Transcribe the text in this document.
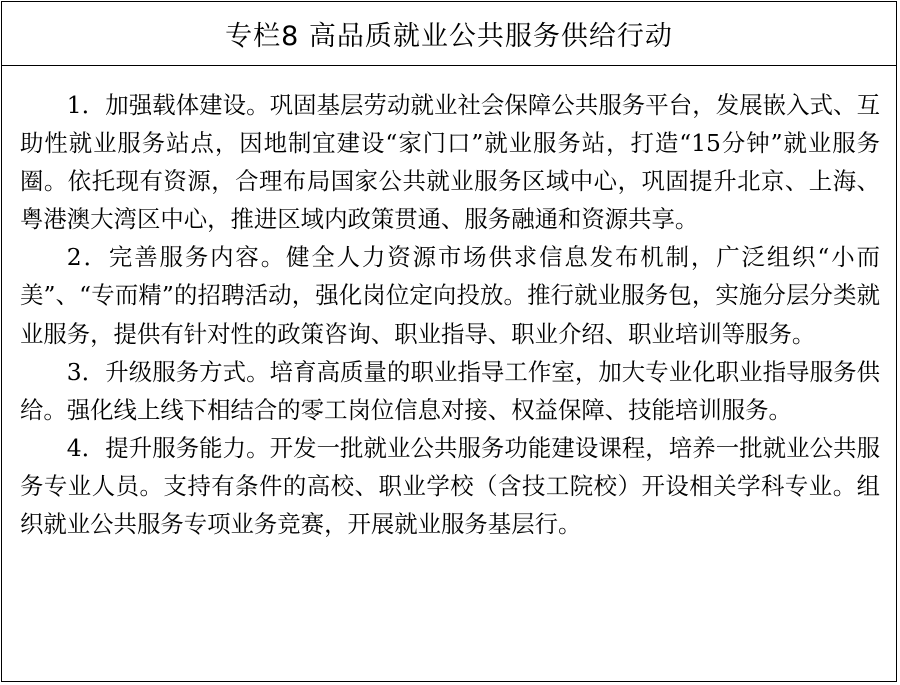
专栏8 高品质就业公共服务供给行动

1．加强载体建设。巩固基层劳动就业社会保障公共服务平台，发展嵌入式、互助性就业服务站点，因地制宜建设“家门口”就业服务站，打造“15分钟”就业服务圈。依托现有资源，合理布局国家公共就业服务区域中心，巩固提升北京、上海、粤港澳大湾区中心，推进区域内政策贯通、服务融通和资源共享。

2．完善服务内容。健全人力资源市场供求信息发布机制，广泛组织“小而美”、“专而精”的招聘活动，强化岗位定向投放。推行就业服务包，实施分层分类就业服务，提供有针对性的政策咨询、职业指导、职业介绍、职业培训等服务。

3．升级服务方式。培育高质量的职业指导工作室，加大专业化职业指导服务供给。强化线上线下相结合的零工岗位信息对接、权益保障、技能培训服务。

4．提升服务能力。开发一批就业公共服务功能建设课程，培养一批就业公共服务专业人员。支持有条件的高校、职业学校（含技工院校）开设相关学科专业。组织就业公共服务专项业务竞赛，开展就业服务基层行。
